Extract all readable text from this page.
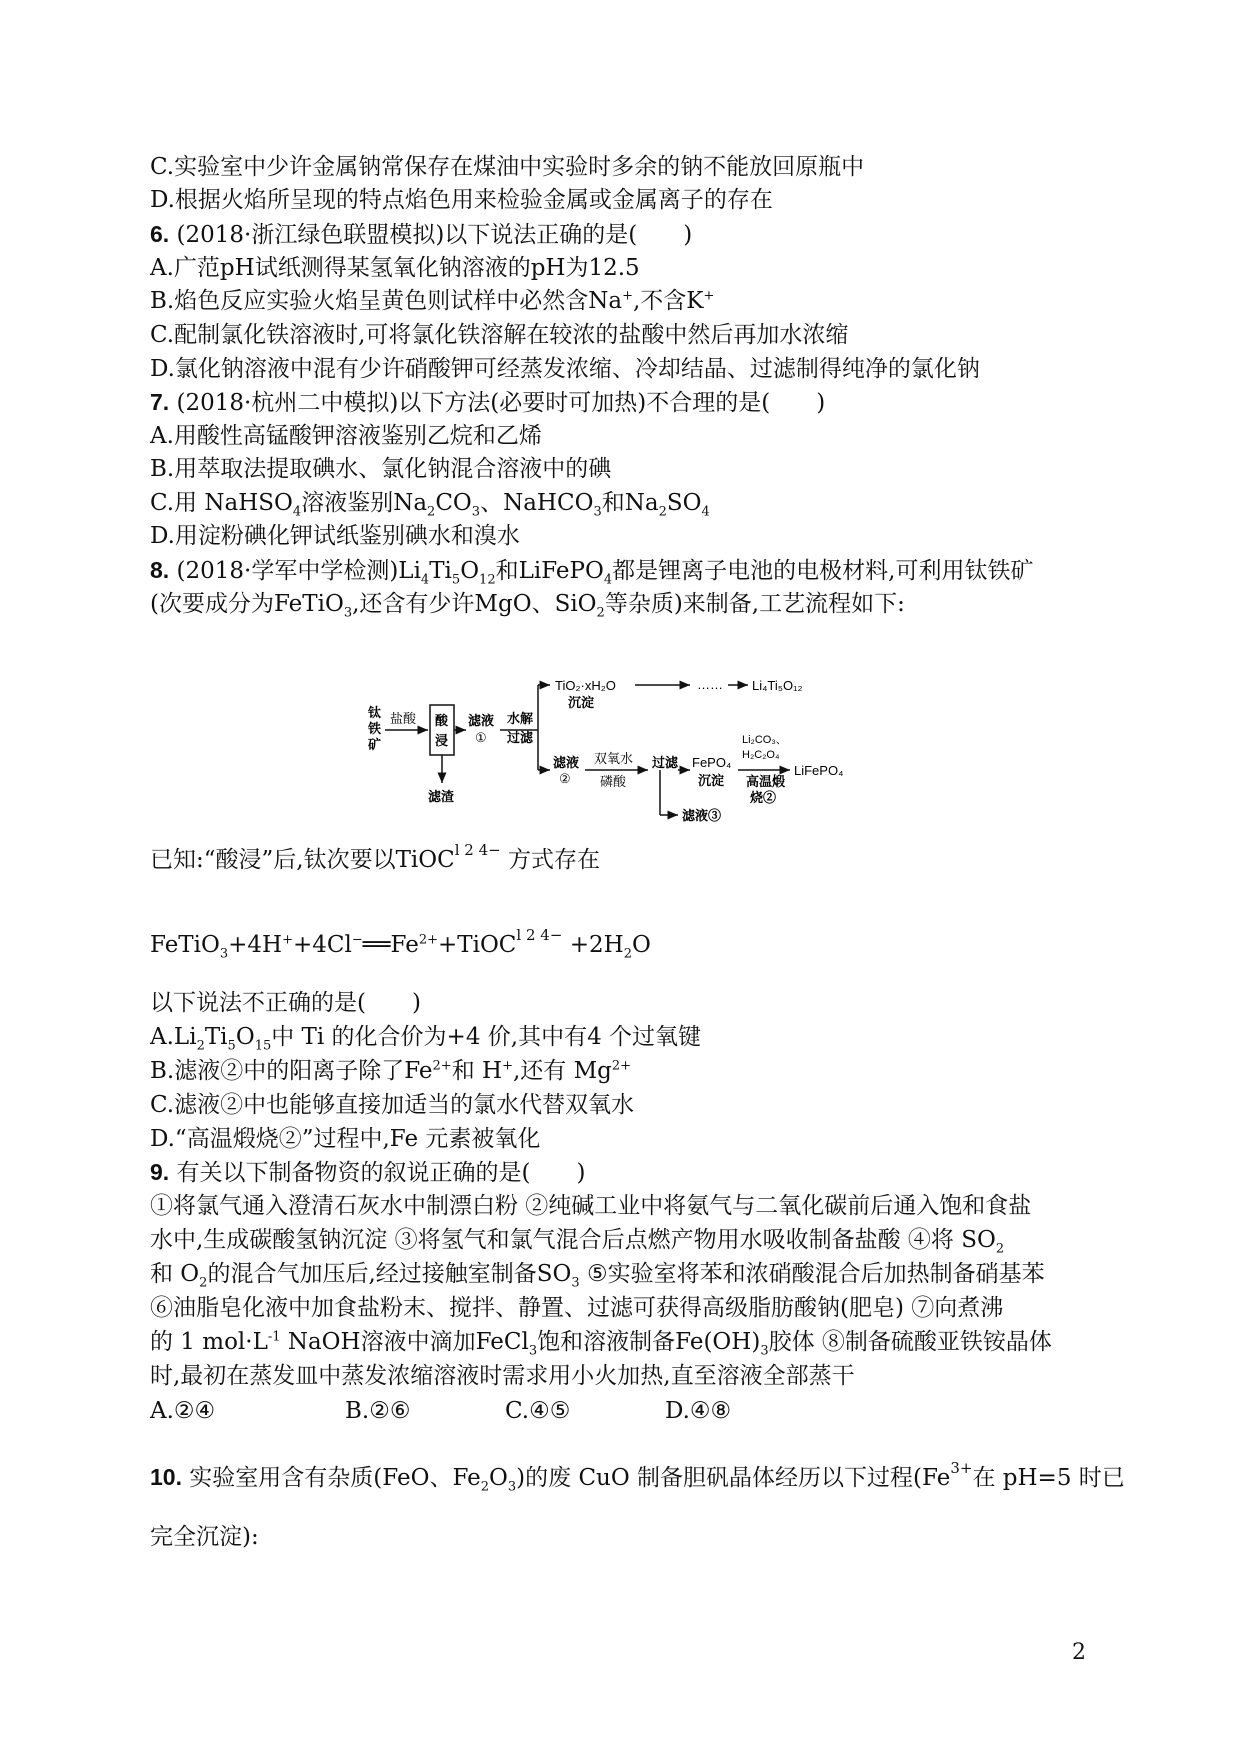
C.实验室中少许金属钠常保存在煤油中实验时多余的钠不能放回原瓶中
D.根据火焰所呈现的特点焰色用来检验金属或金属离子的存在
6. (2018·浙江绿色联盟模拟)以下说法正确的是(　　)
A.广范pH试纸测得某氢氧化钠溶液的pH为12.5
B.焰色反应实验火焰呈黄色则试样中必然含Na+,不含K+
C.配制氯化铁溶液时,可将氯化铁溶解在较浓的盐酸中然后再加水浓缩
D.氯化钠溶液中混有少许硝酸钾可经蒸发浓缩、冷却结晶、过滤制得纯净的氯化钠
7. (2018·杭州二中模拟)以下方法(必要时可加热)不合理的是(　　)
A.用酸性高锰酸钾溶液鉴别乙烷和乙烯
B.用萃取法提取碘水、氯化钠混合溶液中的碘
C.用 NaHSO$_4$溶液鉴别$Na_2CO_3$、NaHCO$_3$和$Na_2SO_4$
D.用淀粉碘化钾试纸鉴别碘水和溴水
8. (2018·学军中学检测)$Li_4Ti_5O_{12}$和LiFePO$_4$都是锂离子电池的电极材料,可利用钛铁矿
(次要成分为FeTiO$_3$,还含有少许MgO、SiO$_2$等杂质)来制备,工艺流程如下:
钛
铁
矿
盐酸 酸
浸
滤渣
滤液
①
水解
过滤
TiO₂·xH₂O
沉淀
…… Li₄Ti₅O₁₂
滤液
②
双氧水
磷酸
过滤
滤液③
FePO₄
沉淀
Li₂CO₃、
H₂C₂O₄
高温煅
烧②
LiFePO₄
已知:“酸浸”后,钛次要以TiOC$^{l 2 4-}$ 方式存在
$FeTiO_3+4H^++4Cl^-══Fe^{2+}+TiOC^{l 2 4-} +2H_2O$
以下说法不正确的是(　　)
$A.Li_2Ti_5O_{15}$中 Ti 的化合价为+4 价,其中有4 个过氧键
B.滤液②中的阳离子除了$Fe^{2+}$和 H+,还有 $Mg^{2+}$
C.滤液②中也能够直接加适当的氯水代替双氧水
D.“高温煅烧②”过程中,Fe 元素被氧化
9. 有关以下制备物资的叙说正确的是(　　)
①将氯气通入澄清石灰水中制漂白粉 ②纯碱工业中将氨气与二氧化碳前后通入饱和食盐
水中,生成碳酸氢钠沉淀 ③将氢气和氯气混合后点燃产物用水吸收制备盐酸 ④将 $SO_2$
和 $O_2$的混合气加压后,经过接触室制备$SO_3$ ⑤实验室将苯和浓硝酸混合后加热制备硝基苯
⑥油脂皂化液中加食盐粉末、搅拌、静置、过滤可获得高级脂肪酸钠(肥皂) ⑦向煮沸
的 1 $mol\cdot L^{-1}$ NaOH溶液中滴加FeCl$_3$饱和溶液制备$Fe(OH)_3$胶体 ⑧制备硫酸亚铁铵晶体
时,最初在蒸发皿中蒸发浓缩溶液时需求用小火加热,直至溶液全部蒸干
A.②④	B.②⑥	C.④⑤	D.④⑧
10. 实验室用含有杂质(FeO、$Fe_2O_3$)的废 CuO 制备胆矾晶体经历以下过程($Fe^{3+}$在 pH=5 时已
完全沉淀):
2
